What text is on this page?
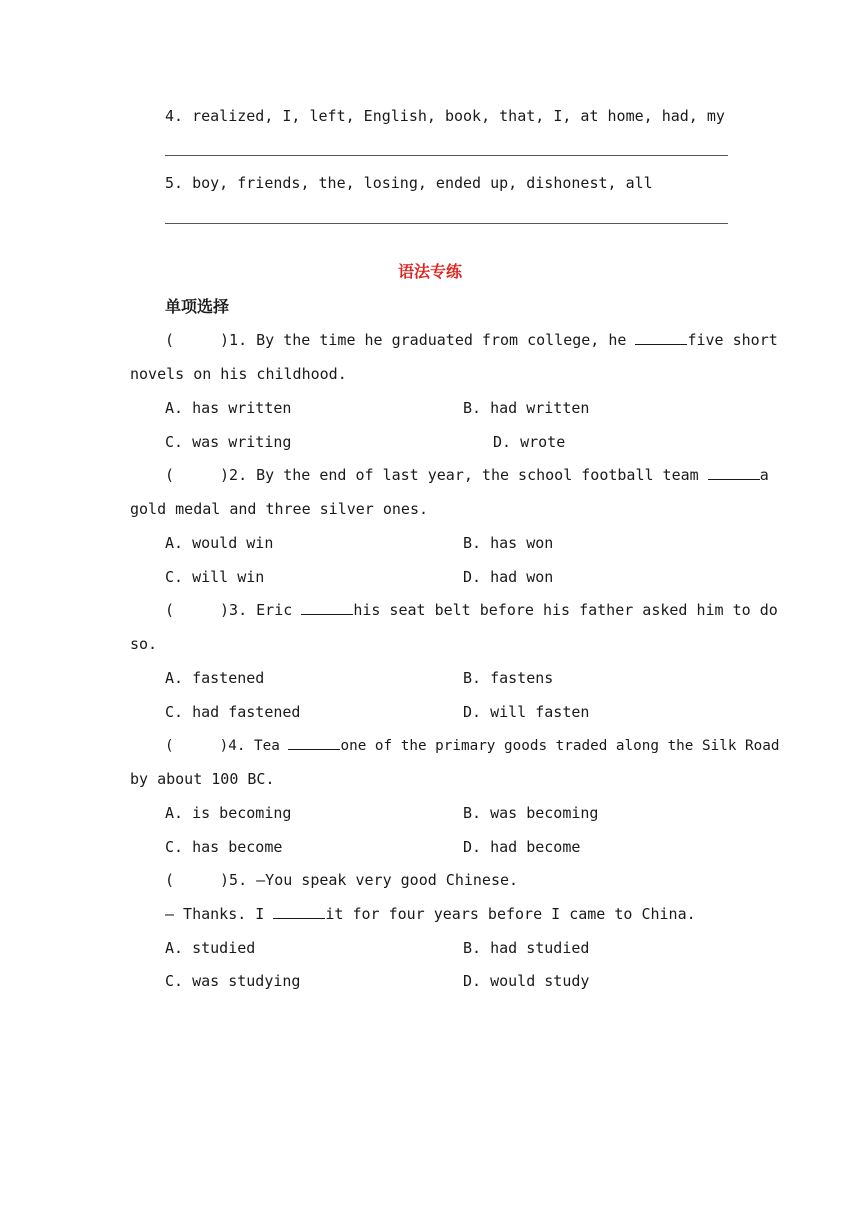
4. realized, I, left, English, book, that, I, at home, had, my
5. boy, friends, the, losing, ended up, dishonest, all
语法专练
单项选择
(	)1. By the time he graduated from college, he	five short
novels on his childhood.
A. has written	B. had written
C. was writing	D. wrote
(	)2. By the end of last year, the school football team	a
gold medal and three silver ones.
A. would win	B. has won
C. will win	D. had won
(	)3. Eric	his seat belt before his father asked him to do
so.
A. fastened	B. fastens
C. had fastened	D. will fasten
(	)4. Tea	one of the primary goods traded along the Silk Road
by about 100 BC.
A. is becoming	B. was becoming
C. has become	D. had become
(	)5. —You speak very good Chinese.
— Thanks. I	it for four years before I came to China.
A. studied	B. had studied
C. was studying	D. would study
